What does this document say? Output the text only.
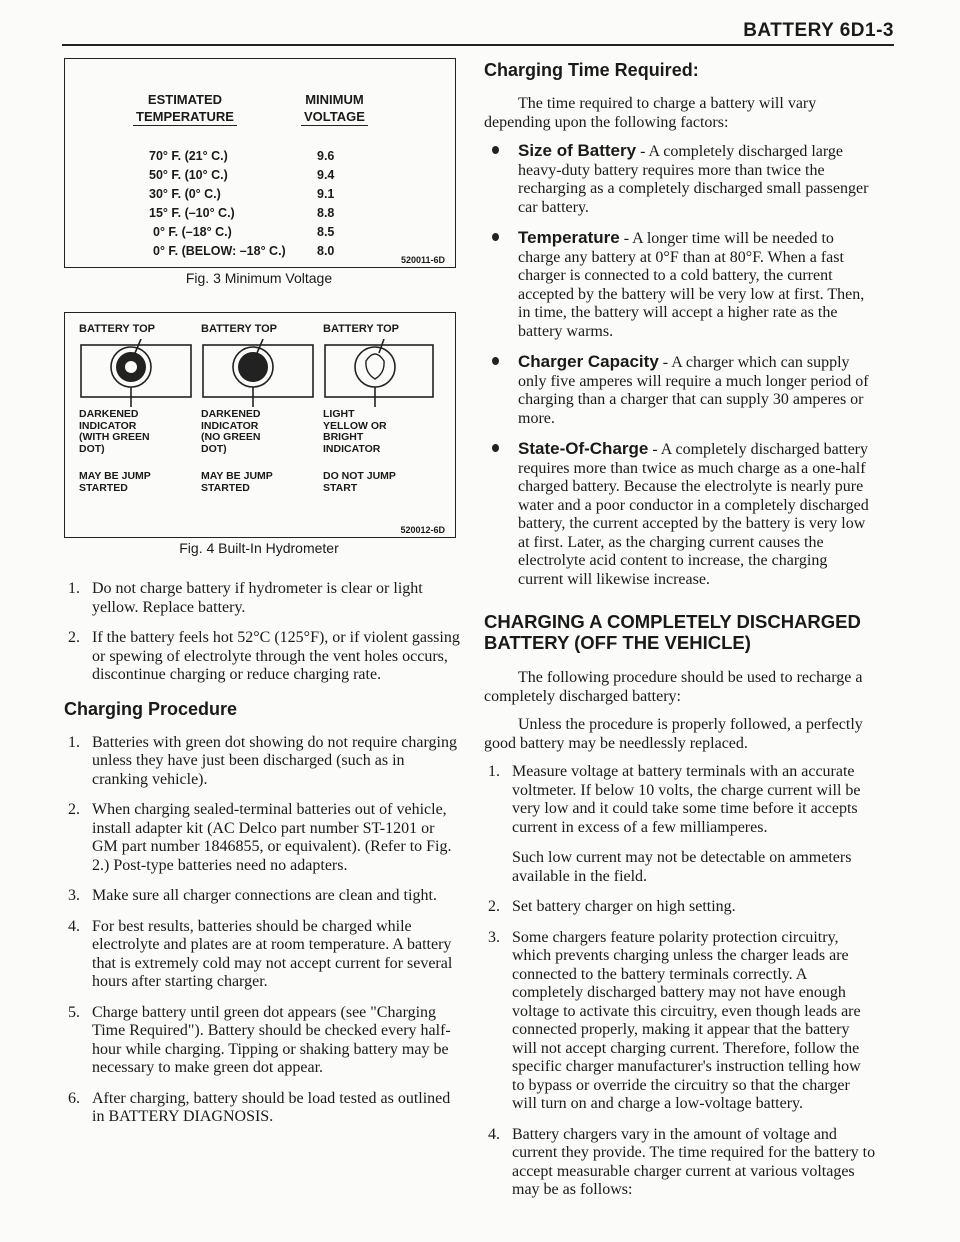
BATTERY 6D1-3
ESTIMATED
TEMPERATURE
MINIMUM
VOLTAGE
70° F. (21° C.)
50° F. (10° C.)
30° F. (0° C.)
15° F. (–10° C.)
0° F. (–18° C.)
0° F. (BELOW: –18° C.)
9.6
9.4
9.1
8.8
8.5
8.0
520011-6D
Fig. 3 Minimum Voltage
BATTERY TOP	BATTERY TOP	BATTERY TOP
DARKENED
INDICATOR
(WITH GREEN
DOT)
DARKENED
INDICATOR
(NO GREEN
DOT)
LIGHT
YELLOW OR
BRIGHT
INDICATOR
MAY BE JUMP
STARTED
MAY BE JUMP
STARTED
DO NOT JUMP
START
520012-6D
Fig. 4 Built-In Hydrometer
1. Do not charge battery if hydrometer is clear or light yellow. Replace battery.
2. If the battery feels hot 52°C (125°F), or if violent gassing or spewing of electrolyte through the vent holes occurs, discontinue charging or reduce charging rate.
Charging Procedure
1. Batteries with green dot showing do not require charging unless they have just been discharged (such as in cranking vehicle).
2. When charging sealed-terminal batteries out of vehicle, install adapter kit (AC Delco part number ST-1201 or GM part number 1846855, or equivalent). (Refer to Fig. 2.) Post-type batteries need no adapters.
3. Make sure all charger connections are clean and tight.
4. For best results, batteries should be charged while electrolyte and plates are at room temperature. A battery that is extremely cold may not accept current for several hours after starting charger.
5. Charge battery until green dot appears (see "Charging Time Required"). Battery should be checked every half-hour while charging. Tipping or shaking battery may be necessary to make green dot appear.
6. After charging, battery should be load tested as outlined in BATTERY DIAGNOSIS.
Charging Time Required:

The time required to charge a battery will vary depending upon the following factors:

Size of Battery - A completely discharged large heavy-duty battery requires more than twice the recharging as a completely discharged small passenger car battery.
Temperature - A longer time will be needed to charge any battery at 0°F than at 80°F. When a fast charger is connected to a cold battery, the current accepted by the battery will be very low at first. Then, in time, the battery will accept a higher rate as the battery warms.
Charger Capacity - A charger which can supply only five amperes will require a much longer period of charging than a charger that can supply 30 amperes or more.
State-Of-Charge - A completely discharged battery requires more than twice as much charge as a one-half charged battery. Because the electrolyte is nearly pure water and a poor conductor in a completely discharged battery, the current accepted by the battery is very low at first. Later, as the charging current causes the electrolyte acid content to increase, the charging current will likewise increase.
CHARGING A COMPLETELY DISCHARGED BATTERY (OFF THE VEHICLE)

The following procedure should be used to recharge a completely discharged battery:

Unless the procedure is properly followed, a perfectly good battery may be needlessly replaced.

1. Measure voltage at battery terminals with an accurate voltmeter. If below 10 volts, the charge current will be very low and it could take some time before it accepts current in excess of a few milliamperes.
Such low current may not be detectable on ammeters available in the field.
2. Set battery charger on high setting.
3. Some chargers feature polarity protection circuitry, which prevents charging unless the charger leads are connected to the battery terminals correctly. A completely discharged battery may not have enough voltage to activate this circuitry, even though leads are connected properly, making it appear that the battery will not accept charging current. Therefore, follow the specific charger manufacturer's instruction telling how to bypass or override the circuitry so that the charger will turn on and charge a low-voltage battery.
4. Battery chargers vary in the amount of voltage and current they provide. The time required for the battery to accept measurable charger current at various voltages may be as follows:
